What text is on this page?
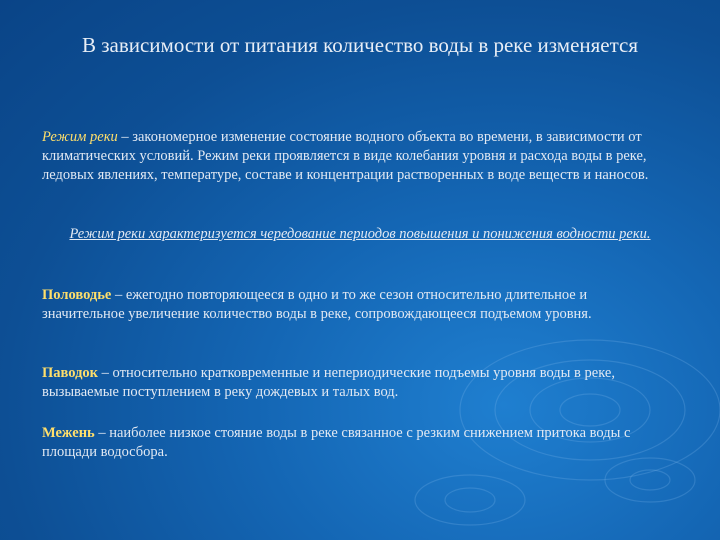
В зависимости от питания количество воды в реке изменяется
Режим реки – закономерное изменение состояние водного объекта во времени, в зависимости от климатических условий. Режим реки проявляется в виде колебания уровня и расхода воды в реке, ледовых явлениях, температуре, составе и концентрации растворенных в воде веществ и наносов.
Режим реки характеризуется чередование периодов повышения и понижения водности реки.
Половодье – ежегодно повторяющееся в одно и то же сезон относительно длительное и значительное увеличение количество воды в реке, сопровождающееся подъемом уровня.
Паводок – относительно кратковременные и непериодические подъемы уровня воды в реке, вызываемые поступлением в реку дождевых и талых вод.
Межень – наиболее низкое стояние воды в реке связанное с резким снижением притока воды с площади водосбора.
